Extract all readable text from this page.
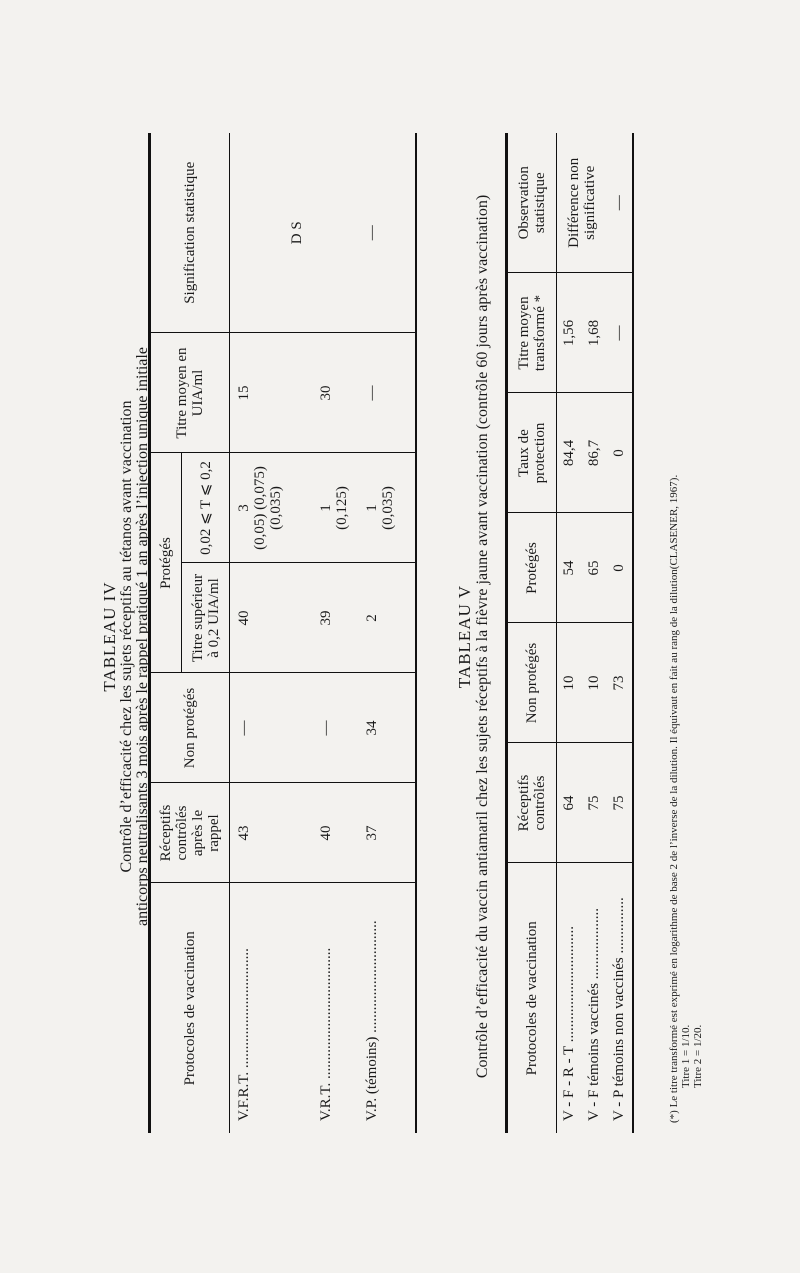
TABLEAU IV Contrôle d’efficacité chez les sujets réceptifs au tétanos avant vaccination anticorps neutralisants 3 mois après le rappel pratiqué 1 an après l’injection unique initiale
Protocoles de vaccination	Réceptifs contrôlés après le rappel	Non protégés	Protégés		Titre moyen en UIA/ml	Signification statistique
			Titre supérieur à 0,2 UIA/ml	0,02 ⩽ T ⩽ 0,2		
V.F.R.T. ................................	43	—	40	3 (0,05) (0,075) (0,035)	15	D S
V.R.T. ...................................	40	—	39	1 (0,125)	30	
V.P. (témoins) ..............................	37	34	2	1 (0,035)	—	—
TABLEAU V Contrôle d’efficacité du vaccin antiamaril chez les sujets réceptifs à la fièvre jaune avant vaccination (contrôle 60 jours après vaccination) Protocoles de vaccination	Réceptifs contrôlés	Non protégés	Protégés	Taux de protection	Titre moyen transformé *	Observation statistique
V - F - R - T ...............................	64	10	54	84,4	1,56	Différence non significative
V - F témoins vaccinés ...................	75	10	65	86,7	1,68	
V - P témoins non vaccinés ...............	75	73	0	0	—	—
(*) Le titre transformé est exprimé en logarithme de base 2 de l’inverse de la dilution. Il équivaut en fait au rang de la dilution(CLASENER, 1967). Titre 1 = 1/10. Titre 2 = 1/20.
